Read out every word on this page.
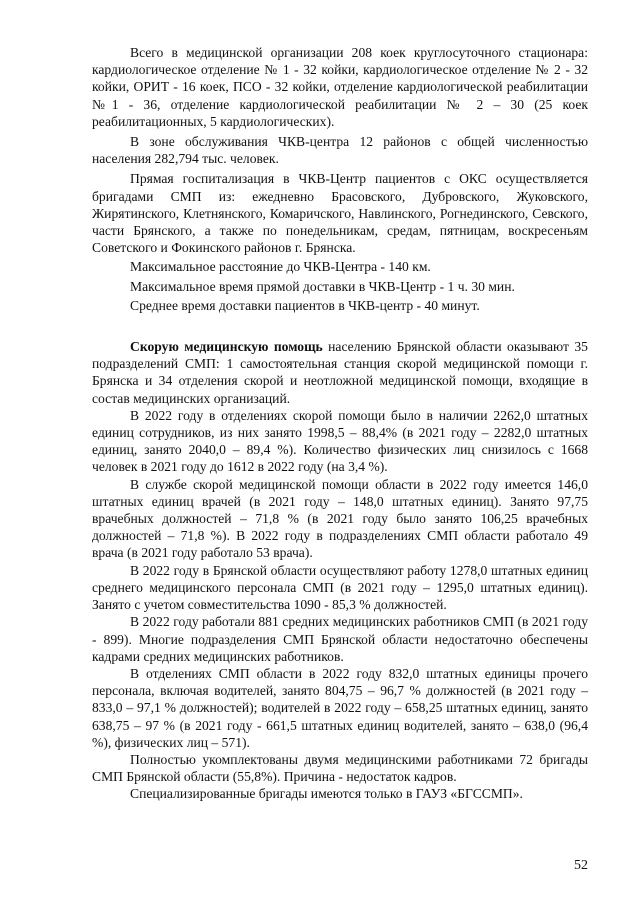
Всего в медицинской организации 208 коек круглосуточного стационара: кардиологическое отделение № 1 - 32 койки, кардиологическое отделение № 2 - 32 койки, ОРИТ - 16 коек, ПСО - 32 койки, отделение кардиологической реабилитации №1 - 36, отделение кардиологической реабилитации № 2 – 30 (25 коек реабилитационных, 5 кардиологических).

В зоне обслуживания ЧКВ-центра 12 районов с общей численностью населения 282,794 тыс. человек.

Прямая госпитализация в ЧКВ-Центр пациентов с ОКС осуществляется бригадами СМП из: ежедневно Брасовского, Дубровского, Жуковского, Жирятинского, Клетнянского, Комаричского, Навлинского, Рогнединского, Севского, части Брянского, а также по понедельникам, средам, пятницам, воскресеньям Советского и Фокинского районов г. Брянска.

Максимальное расстояние до ЧКВ-Центра - 140 км.

Максимальное время прямой доставки в ЧКВ-Центр - 1 ч. 30 мин.

Среднее время доставки пациентов в ЧКВ-центр - 40 минут.

Скорую медицинскую помощь населению Брянской области оказывают 35 подразделений СМП: 1 самостоятельная станция скорой медицинской помощи г. Брянска и 34 отделения скорой и неотложной медицинской помощи, входящие в состав медицинских организаций.

В 2022 году в отделениях скорой помощи было в наличии 2262,0 штатных единиц сотрудников, из них занято 1998,5 – 88,4% (в 2021 году – 2282,0 штатных единиц, занято 2040,0 – 89,4 %). Количество физических лиц снизилось с 1668 человек в 2021 году до 1612 в 2022 году (на 3,4 %).

В службе скорой медицинской помощи области в 2022 году имеется 146,0 штатных единиц врачей (в 2021 году – 148,0 штатных единиц). Занято 97,75 врачебных должностей – 71,8 % (в 2021 году было занято 106,25 врачебных должностей – 71,8 %). В 2022 году в подразделениях СМП области работало 49 врача (в 2021 году работало 53 врача).

В 2022 году в Брянской области осуществляют работу 1278,0 штатных единиц среднего медицинского персонала СМП (в 2021 году – 1295,0 штатных единиц). Занято с учетом совместительства 1090 - 85,3 % должностей.

В 2022 году работали 881 средних медицинских работников СМП (в 2021 году - 899). Многие подразделения СМП Брянской области недостаточно обеспечены кадрами средних медицинских работников.

В отделениях СМП области в 2022 году 832,0 штатных единицы прочего персонала, включая водителей, занято 804,75 – 96,7 % должностей (в 2021 году – 833,0 – 97,1 % должностей); водителей в 2022 году – 658,25 штатных единиц, занято 638,75 – 97 % (в 2021 году - 661,5 штатных единиц водителей, занято – 638,0 (96,4 %), физических лиц – 571).

Полностью укомплектованы двумя медицинскими работниками 72 бригады СМП Брянской области (55,8%). Причина - недостаток кадров.

Специализированные бригады имеются только в ГАУЗ «БГССМП».

52
